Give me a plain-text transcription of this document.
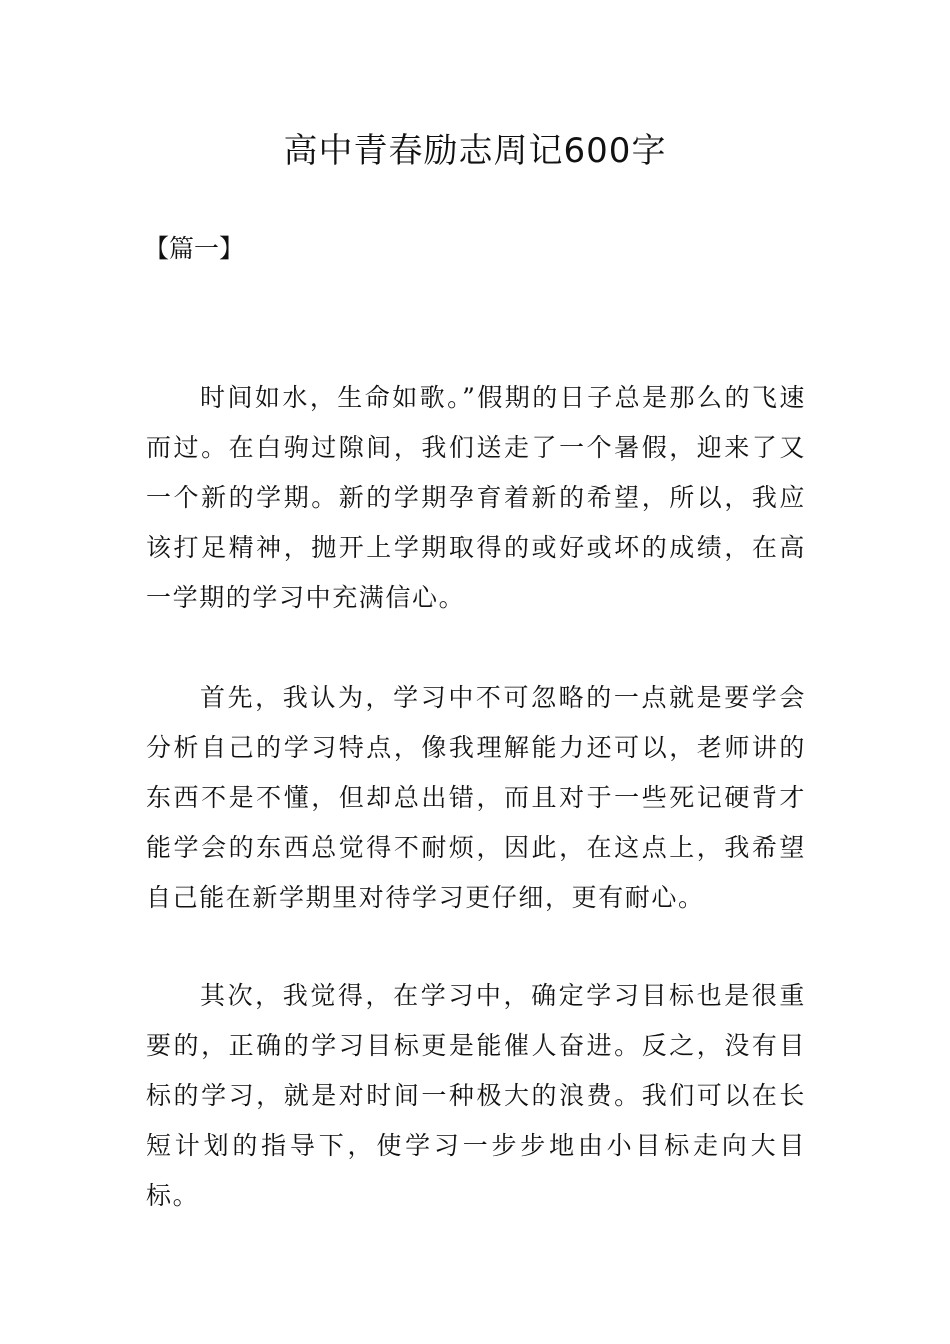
高中青春励志周记600字

【篇一】

时间如水，生命如歌。”假期的日子总是那么的飞速而过。在白驹过隙间，我们送走了一个暑假，迎来了又一个新的学期。新的学期孕育着新的希望，所以，我应该打足精神，抛开上学期取得的或好或坏的成绩，在高一学期的学习中充满信心。

首先，我认为，学习中不可忽略的一点就是要学会分析自己的学习特点，像我理解能力还可以，老师讲的东西不是不懂，但却总出错，而且对于一些死记硬背才能学会的东西总觉得不耐烦，因此，在这点上，我希望自己能在新学期里对待学习更仔细，更有耐心。

其次，我觉得，在学习中，确定学习目标也是很重要的，正确的学习目标更是能催人奋进。反之，没有目标的学习，就是对时间一种极大的浪费。我们可以在长短计划的指导下，使学习一步步地由小目标走向大目标。
